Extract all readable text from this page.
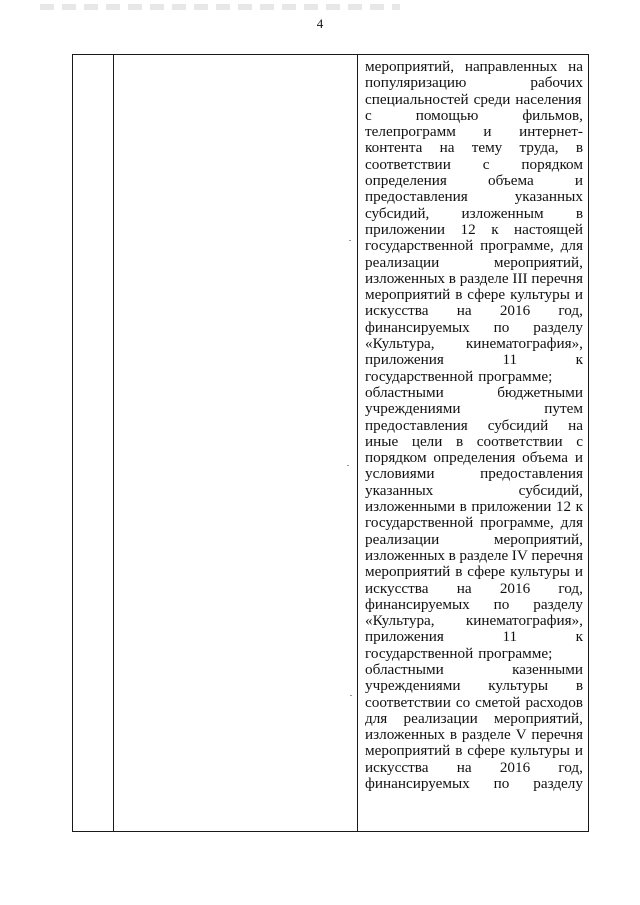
4

мероприятий, направленных на
популяризацию	рабочих
специальностей среди населения
с	помощью	фильмов,
телепрограмм и интернет-
контента на тему труда, в
соответствии с порядком
определения	объема	и
предоставления	указанных
субсидий, изложенным в
приложении 12 к настоящей
государственной программе, для
реализации	мероприятий,
изложенных в разделе III перечня
мероприятий в сфере культуры и
искусства на 2016 год,
финансируемых по разделу
«Культура, кинематография»,
приложения	11	к
государственной программе;
областными	бюджетными
учреждениями	путем
предоставления субсидий на
иные цели в соответствии с
порядком определения объема и
условиями	предоставления
указанных	субсидий,
изложенными в приложении 12 к
государственной программе, для
реализации	мероприятий,
изложенных в разделе IV перечня
мероприятий в сфере культуры и
искусства на 2016 год,
финансируемых по разделу
«Культура, кинематография»,
приложения	11	к
государственной программе;
областными	казенными
учреждениями культуры в
соответствии со сметой расходов
для реализации мероприятий,
изложенных в разделе V перечня
мероприятий в сфере культуры и
искусства на 2016 год,
финансируемых по разделу
